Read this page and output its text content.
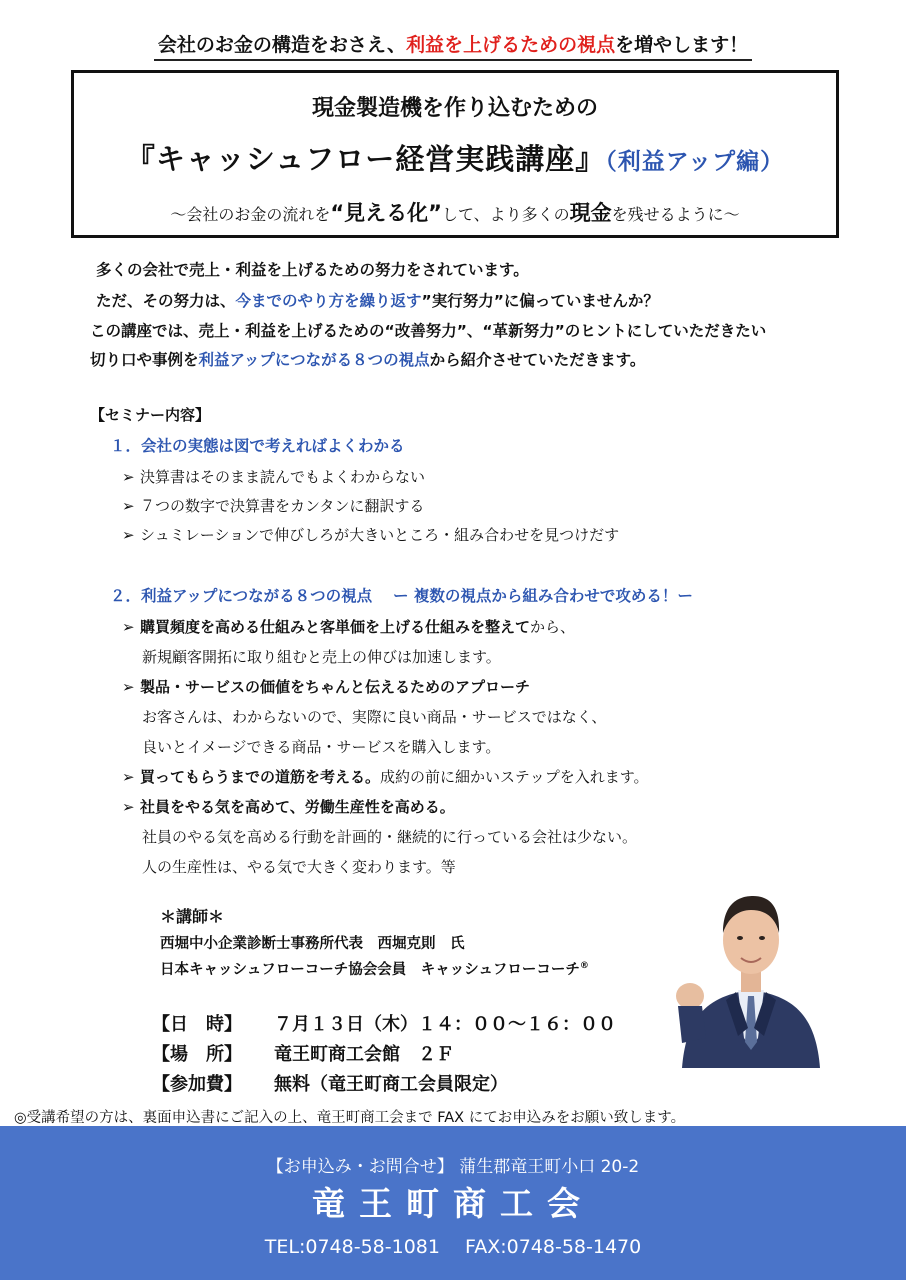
会社のお金の構造をおさえ、利益を上げるための視点を増やします！
現金製造機を作り込むための
『キャッシュフロー経営実践講座』（利益アップ編）
～会社のお金の流れを“見える化”して、より多くの現金を残せるように～
多くの会社で売上・利益を上げるための努力をされています。
ただ、その努力は、今までのやり方を繰り返す”実行努力”に偏っていませんか？
この講座では、売上・利益を上げるための“改善努力”、“革新努力”のヒントにしていただきたい
切り口や事例を利益アップにつながる８つの視点から紹介させていただきます。
【セミナー内容】
１．会社の実態は図で考えればよくわかる
➢ 決算書はそのまま読んでもよくわからない
➢ ７つの数字で決算書をカンタンに翻訳する
➢ シュミレーションで伸びしろが大きいところ・組み合わせを見つけだす
２．利益アップにつながる８つの視点　 ー 複数の視点から組み合わせで攻める！ー
➢ 購買頻度を高める仕組みと客単価を上げる仕組みを整えてから、
新規顧客開拓に取り組むと売上の伸びは加速します。
➢ 製品・サービスの価値をちゃんと伝えるためのアプローチ
お客さんは、わからないので、実際に良い商品・サービスではなく、
良いとイメージできる商品・サービスを購入します。
➢ 買ってもらうまでの道筋を考える。成約の前に細かいステップを入れます。
➢ 社員をやる気を高めて、労働生産性を高める。
社員のやる気を高める行動を計画的・継続的に行っている会社は少ない。
人の生産性は、やる気で大きく変わります。等
＊講師＊
西堀中小企業診断士事務所代表　西堀克則　氏
日本キャッシュフローコーチ協会会員　キャッシュフローコーチ®
【日　時】 ７月１３日（木）１４：００～１６：００
【場　所】 竜王町商工会館　２Ｆ
【参加費】 無料（竜王町商工会員限定）
◎受講希望の方は、裏面申込書にご記入の上、竜王町商工会まで FAX にてお申込みをお願い致します。
【お申込み・お問合せ】 蒲生郡竜王町小口 20-2
竜王町商工会
TEL:0748-58-1081　 FAX:0748-58-1470
